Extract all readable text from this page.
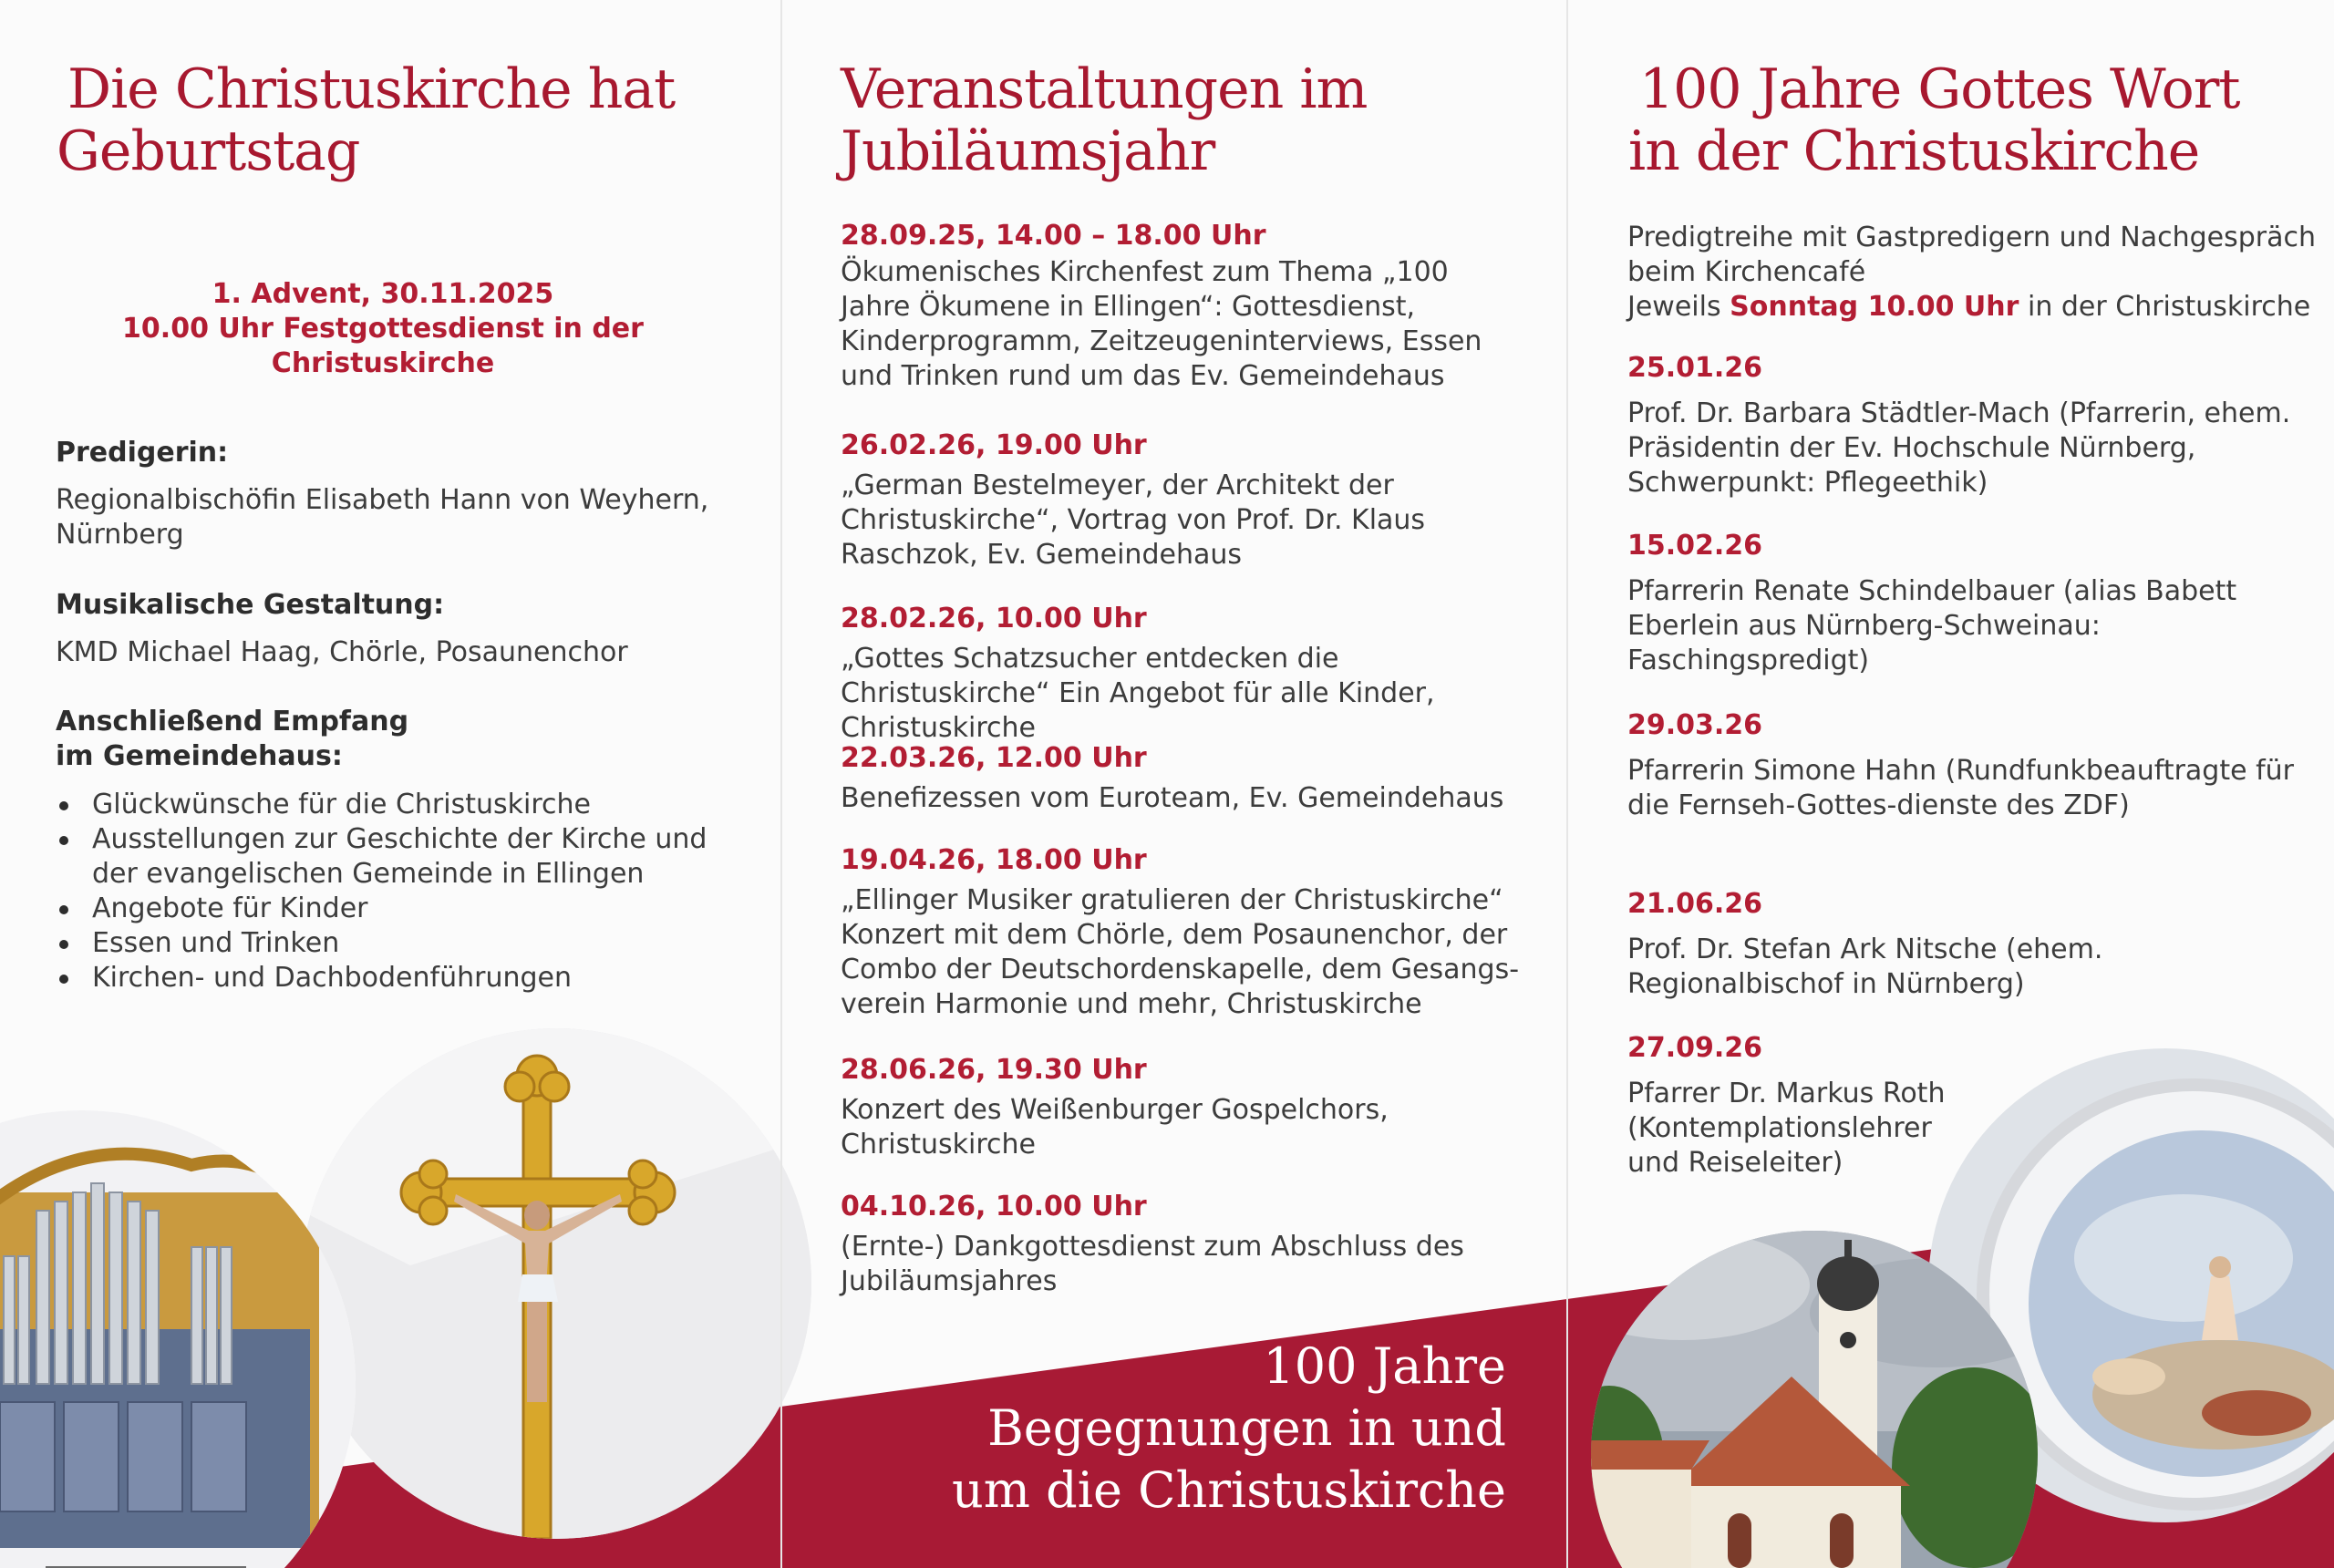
Die Christuskirche hat
Geburtstag
1. Advent, 30.11.2025
10.00 Uhr Festgottesdienst in der
Christuskirche

Predigerin:

Regionalbischöfin Elisabeth Hann von Weyhern, Nürnberg

Musikalische Gestaltung:

KMD Michael Haag, Chörle, Posaunenchor

Anschließend Empfang
im Gemeindehaus:
Glückwünsche für die Christuskirche
Ausstellungen zur Geschichte der Kirche und der evangelischen Gemeinde in Ellingen
Angebote für Kinder
Essen und Trinken
Kirchen- und Dachbodenführungen
Veranstaltungen im
Jubiläumsjahr

28.09.25, 14.00 – 18.00 Uhr

Ökumenisches Kirchenfest zum Thema „100 Jahre Ökumene in Ellingen“: Gottesdienst, Kinderprogramm, Zeitzeugeninterviews, Essen und Trinken rund um das Ev. Gemeindehaus

26.02.26, 19.00 Uhr

„German Bestelmeyer, der Architekt der Christuskirche“, Vortrag von Prof. Dr. Klaus Raschzok, Ev. Gemeindehaus

28.02.26, 10.00 Uhr

„Gottes Schatzsucher entdecken die Christuskirche“ Ein Angebot für alle Kinder, Christuskirche

22.03.26, 12.00 Uhr

Benefizessen vom Euroteam, Ev. Gemeindehaus

19.04.26, 18.00 Uhr

„Ellinger Musiker gratulieren der Christuskirche“ Konzert mit dem Chörle, dem Posaunenchor, der Combo der Deutschordenskapelle, dem Gesangs-verein Harmonie und mehr, Christuskirche

28.06.26, 19.30 Uhr

Konzert des Weißenburger Gospelchors, Christuskirche

04.10.26, 10.00 Uhr

(Ernte-) Dankgottesdienst zum Abschluss des Jubiläumsjahres

100 Jahre
Begegnungen in und
um die Christuskirche
100 Jahre Gottes Wort
in der Christuskirche
Predigtreihe mit Gastpredigern und Nachgespräch beim Kirchencafé
Jeweils Sonntag 10.00 Uhr in der Christuskirche

25.01.26

Prof. Dr. Barbara Städtler-Mach (Pfarrerin, ehem. Präsidentin der Ev. Hochschule Nürnberg, Schwerpunkt: Pflegeethik)

15.02.26

Pfarrerin Renate Schindelbauer (alias Babett Eberlein aus Nürnberg-Schweinau: Faschingspredigt)

29.03.26

Pfarrerin Simone Hahn (Rundfunkbeauftragte für die Fernseh-Gottes-dienste des ZDF)

21.06.26

Prof. Dr. Stefan Ark Nitsche (ehem. Regionalbischof in Nürnberg)

27.09.26

Pfarrer Dr. Markus Roth (Kontemplationslehrer und Reiseleiter)
